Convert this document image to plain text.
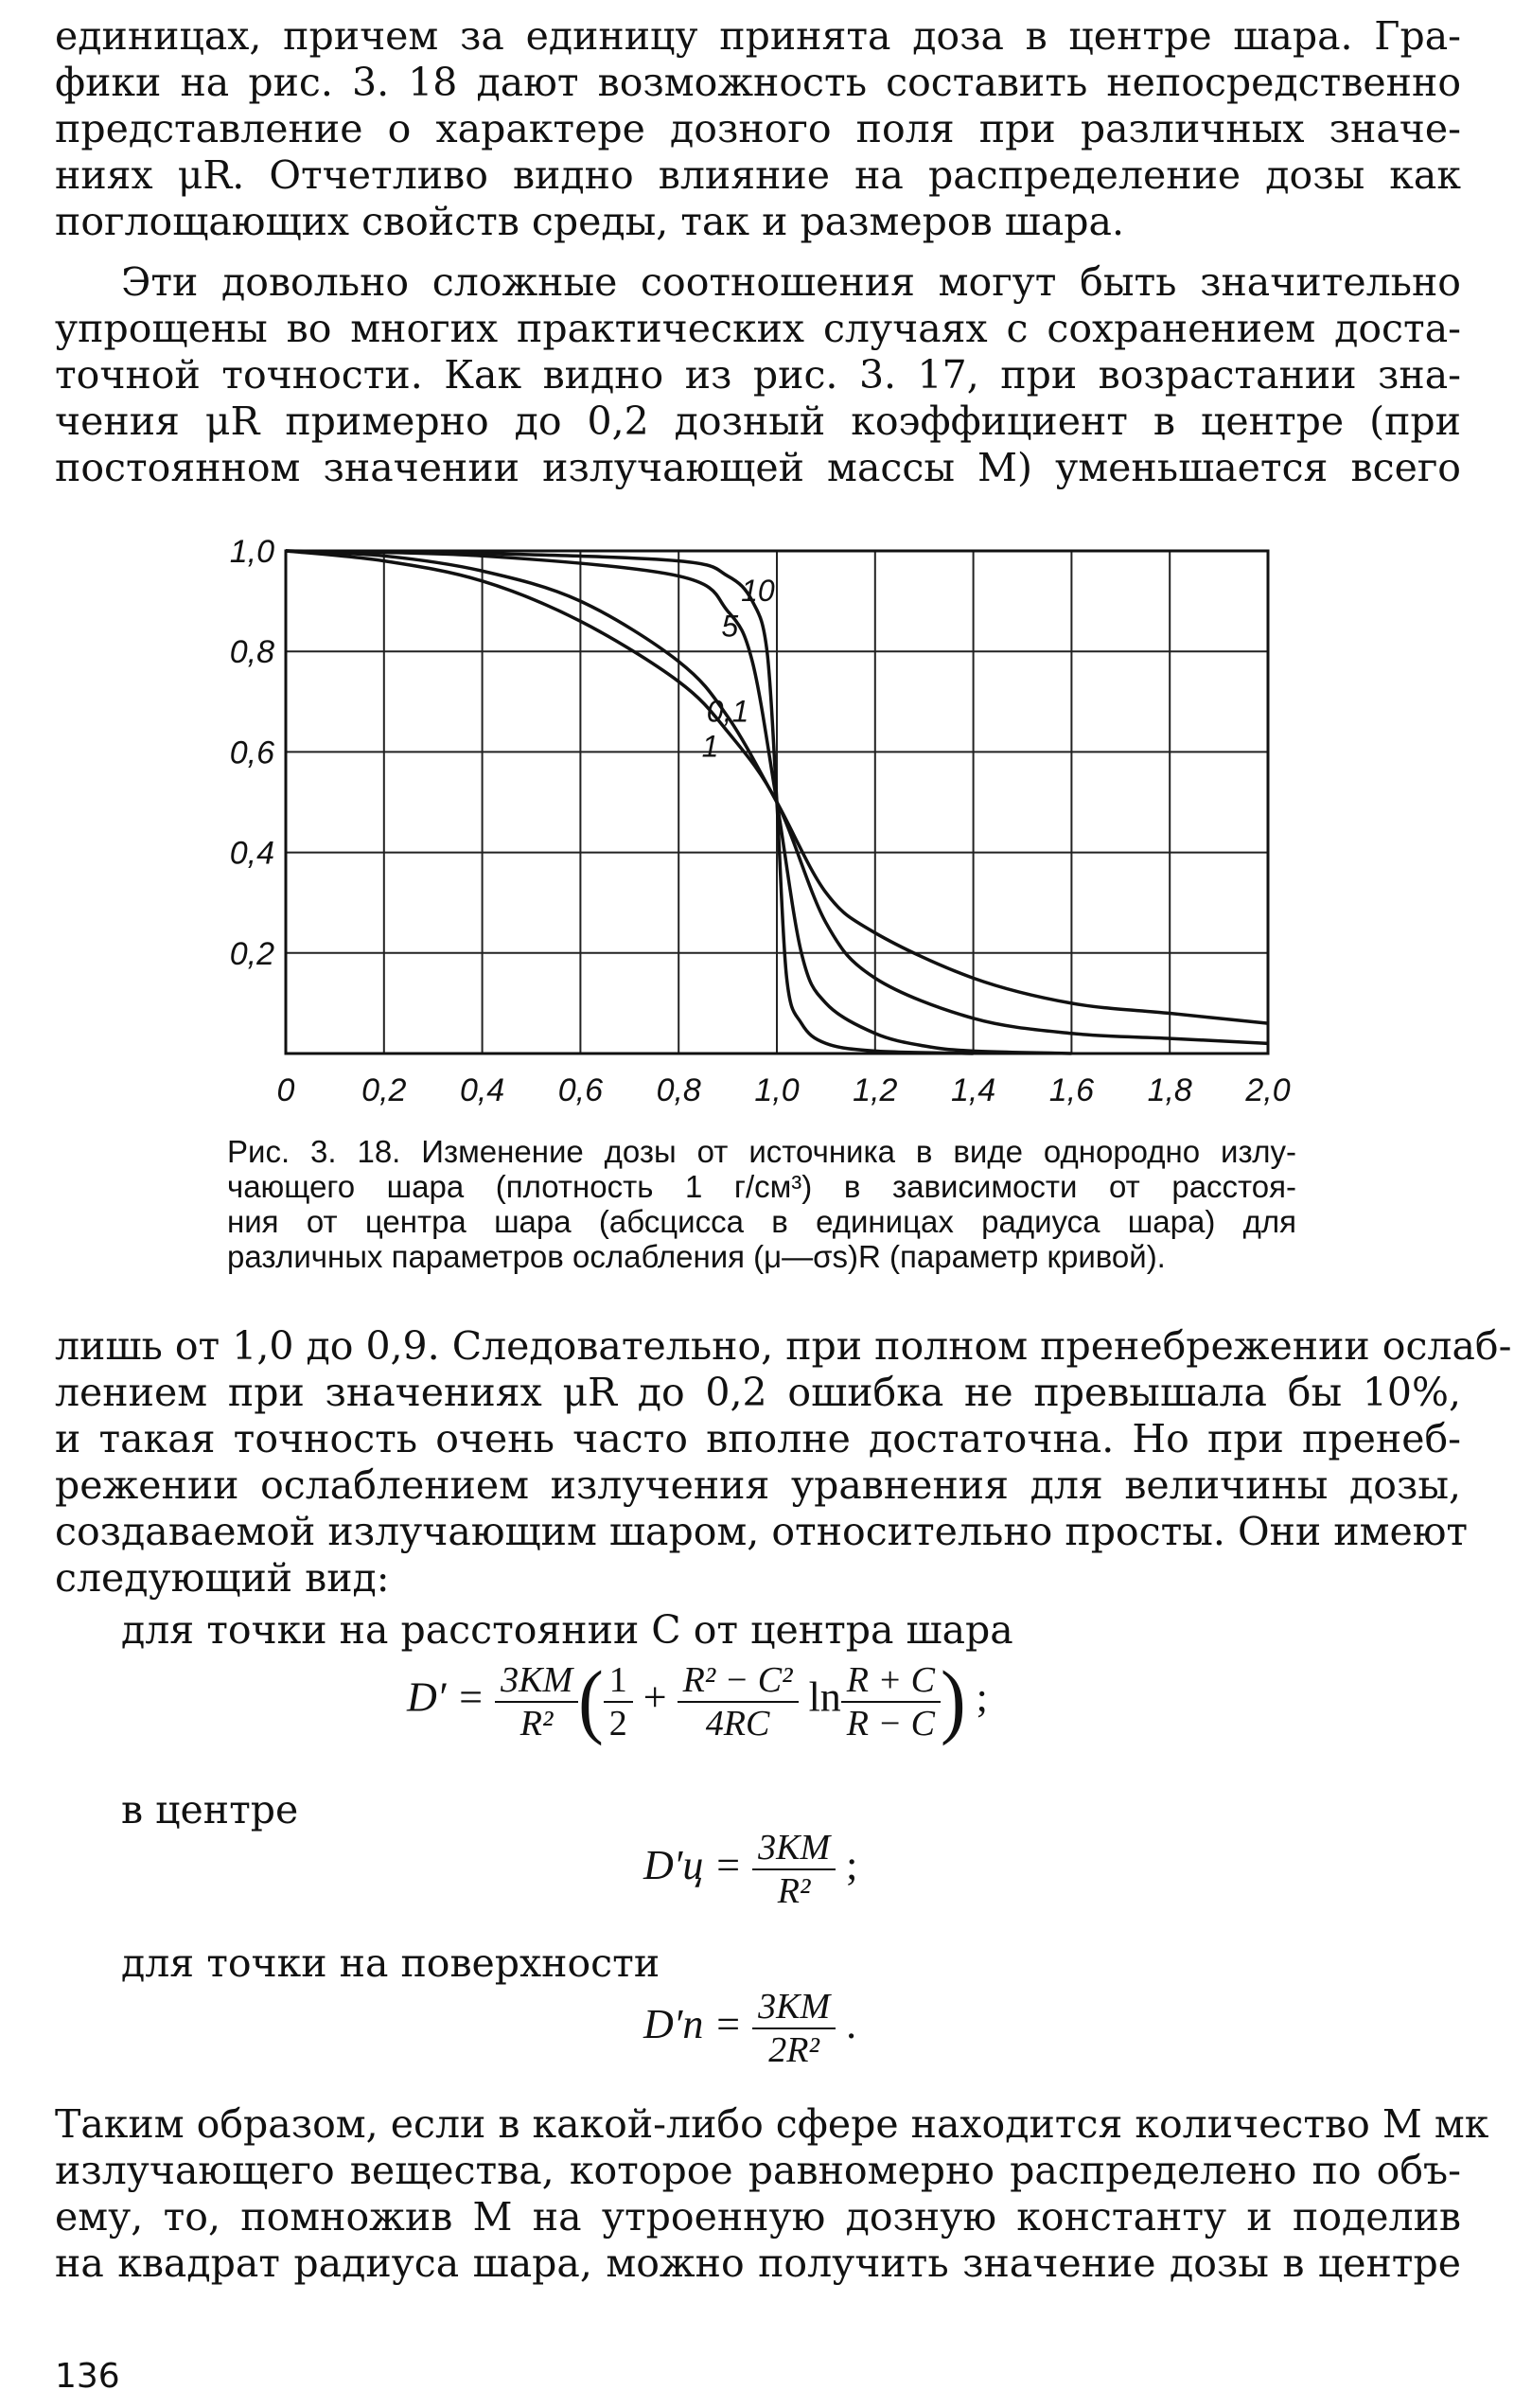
единицах, причем за единицу принята доза в центре шара. Гра-
фики на рис. 3. 18 дают возможность составить непосредственно
представление о характере дозного поля при различных значе-
ниях μR. Отчетливо видно влияние на распределение дозы как
поглощающих свойств среды, так и размеров шара.
Эти довольно сложные соотношения могут быть значительно
упрощены во многих практических случаях с сохранением доста-
точной точности. Как видно из рис. 3. 17, при возрастании зна-
чения μR примерно до 0,2 дозный коэффициент в центре (при
постоянном значении излучающей массы M) уменьшается всего
0 0,2 0,4 0,6 0,8 1,0 1,2 1,4 1,6 1,8 2,0
1,0
0,8
0,6
0,4
0,2
10
5
0,1
1
Рис. 3. 18. Изменение дозы от источника в виде однородно излу-
чающего шара (плотность 1 г/см³) в зависимости от расстоя-
ния от центра шара (абсцисса в единицах радиуса шара) для
различных параметров ослабления (μ—σs)R (параметр кривой).
лишь от 1,0 до 0,9. Следовательно, при полном пренебрежении ослаб-
лением при значениях μR до 0,2 ошибка не превышала бы 10%,
и такая точность очень часто вполне достаточна. Но при пренеб-
режении ослаблением излучения уравнения для величины дозы,
создаваемой излучающим шаром, относительно просты. Они имеют
следующий вид:
для точки на расстоянии C от центра шара
$D' = \frac{3KM}{\text{R²}}$ ( $\frac{1}{2} + \frac{\text{R² − C²}}{4RC}$ $\ln \frac{R + C}{R - C}$ ) ;
в центре
$D'ц = \frac{3KM}{\text{R²}}$ ;
для точки на поверхности
$D'п = \frac{3KM}{\text{2R²}}$ .
Таким образом, если в какой-либо сфере находится количество M мк
излучающего вещества, которое равномерно распределено по объ-
ему, то, помножив M на утроенную дозную константу и поделив
на квадрат радиуса шара, можно получить значение дозы в центре
136
